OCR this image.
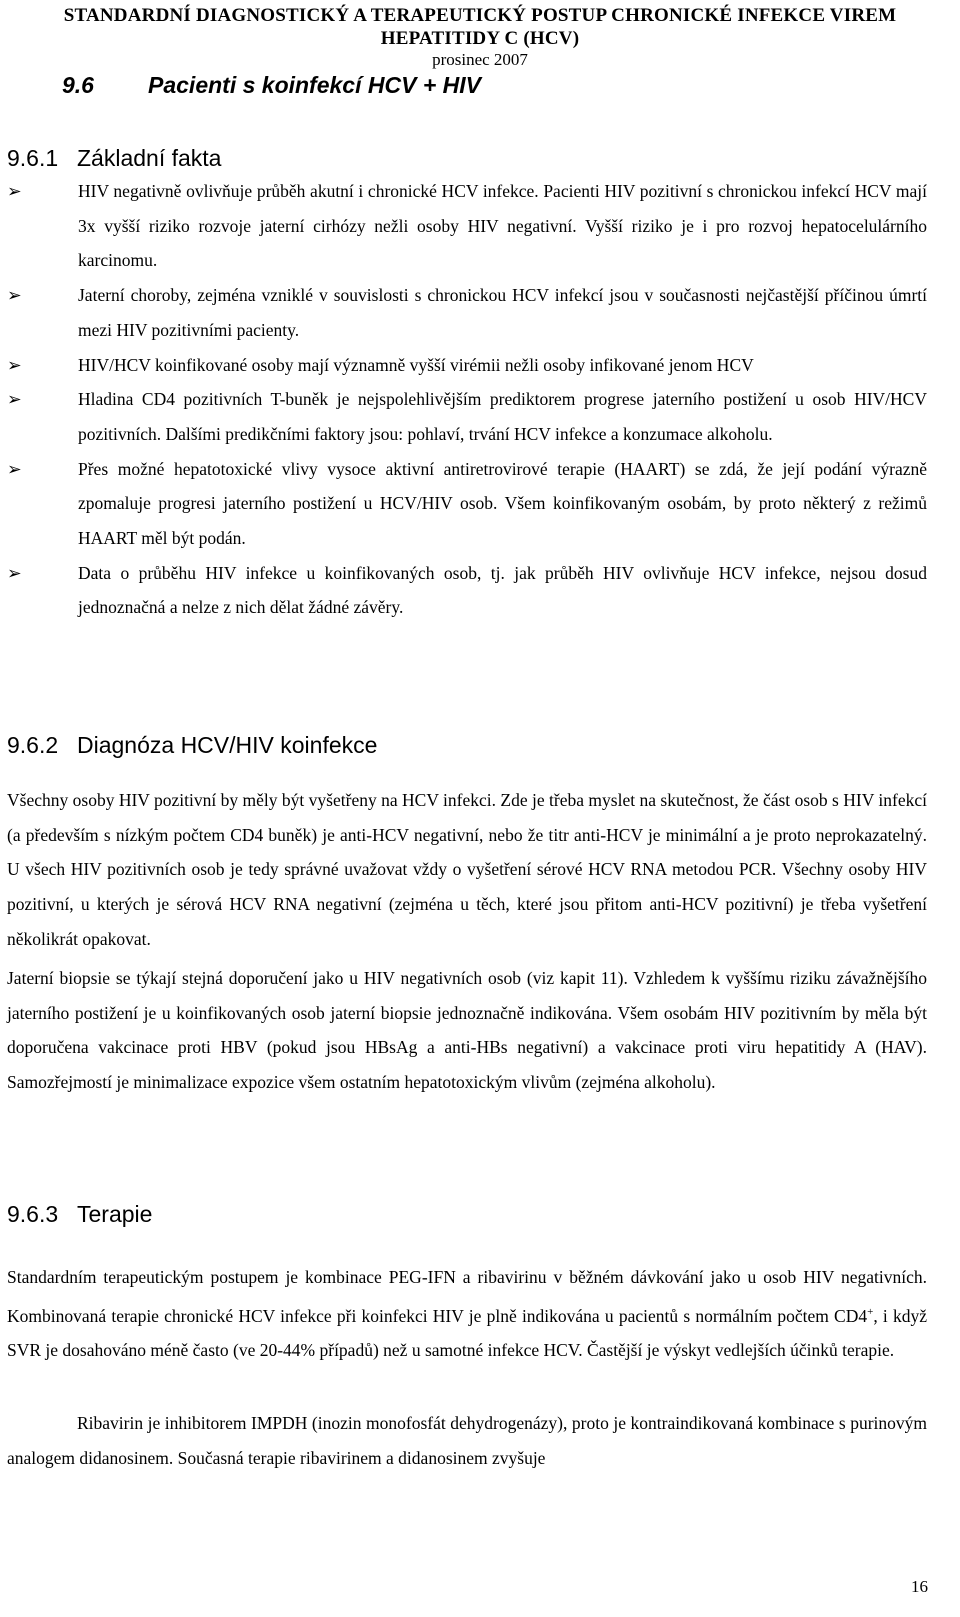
STANDARDNÍ DIAGNOSTICKÝ A TERAPEUTICKÝ POSTUP CHRONICKÉ INFEKCE VIREM
HEPATITIDY C (HCV)
prosinec 2007
9.6 Pacienti s koinfekcí HCV + HIV
9.6.1 Základní fakta
➢	HIV negativně ovlivňuje průběh akutní i chronické HCV infekce. Pacienti HIV pozitivní s chronickou infekcí HCV mají 3x vyšší riziko rozvoje jaterní cirhózy nežli osoby HIV negativní. Vyšší riziko je i pro rozvoj hepatocelulárního karcinomu.
➢	Jaterní choroby, zejména vzniklé v souvislosti s chronickou HCV infekcí jsou v současnosti nejčastější příčinou úmrtí mezi HIV pozitivními pacienty.
➢	HIV/HCV koinfikované osoby mají významně vyšší virémii nežli osoby infikované jenom HCV
➢	Hladina CD4 pozitivních T-buněk je nejspolehlivějším prediktorem progrese jaterního postižení u osob HIV/HCV pozitivních. Dalšími predikčními faktory jsou: pohlaví, trvání HCV infekce a konzumace alkoholu.
➢	Přes možné hepatotoxické vlivy vysoce aktivní antiretrovirové terapie (HAART) se zdá, že její podání výrazně zpomaluje progresi jaterního postižení u HCV/HIV osob. Všem koinfikovaným osobám, by proto některý z režimů HAART měl být podán.
➢	Data o průběhu HIV infekce u koinfikovaných osob, tj. jak průběh HIV ovlivňuje HCV infekce, nejsou dosud jednoznačná a nelze z nich dělat žádné závěry.
9.6.2 Diagnóza HCV/HIV koinfekce

Všechny osoby HIV pozitivní by měly být vyšetřeny na HCV infekci. Zde je třeba myslet na skutečnost, že část osob s HIV infekcí (a především s nízkým počtem CD4 buněk) je anti-HCV negativní, nebo že titr anti-HCV je minimální a je proto neprokazatelný. U všech HIV pozitivních osob je tedy správné uvažovat vždy o vyšetření sérové HCV RNA metodou PCR. Všechny osoby HIV pozitivní, u kterých je sérová HCV RNA negativní (zejména u těch, které jsou přitom anti-HCV pozitivní) je třeba vyšetření několikrát opakovat.

Jaterní biopsie se týkají stejná doporučení jako u HIV negativních osob (viz kapit 11). Vzhledem k vyššímu riziku závažnějšího jaterního postižení je u koinfikovaných osob jaterní biopsie jednoznačně indikována. Všem osobám HIV pozitivním by měla být doporučena vakcinace proti HBV (pokud jsou HBsAg a anti-HBs negativní) a vakcinace proti viru hepatitidy A (HAV). Samozřejmostí je minimalizace expozice všem ostatním hepatotoxickým vlivům (zejména alkoholu).

9.6.3 Terapie

Standardním terapeutickým postupem je kombinace PEG-IFN a ribavirinu v běžném dávkování jako u osob HIV negativních. Kombinovaná terapie chronické HCV infekce při koinfekci HIV je plně indikována u pacientů s normálním počtem CD4+, i když SVR je dosahováno méně často (ve 20-44% případů) než u samotné infekce HCV. Častější je výskyt vedlejších účinků terapie.

Ribavirin je inhibitorem IMPDH (inozin monofosfát dehydrogenázy), proto je kontraindikovaná kombinace s purinovým analogem didanosinem. Současná terapie ribavirinem a didanosinem zvyšuje

16
